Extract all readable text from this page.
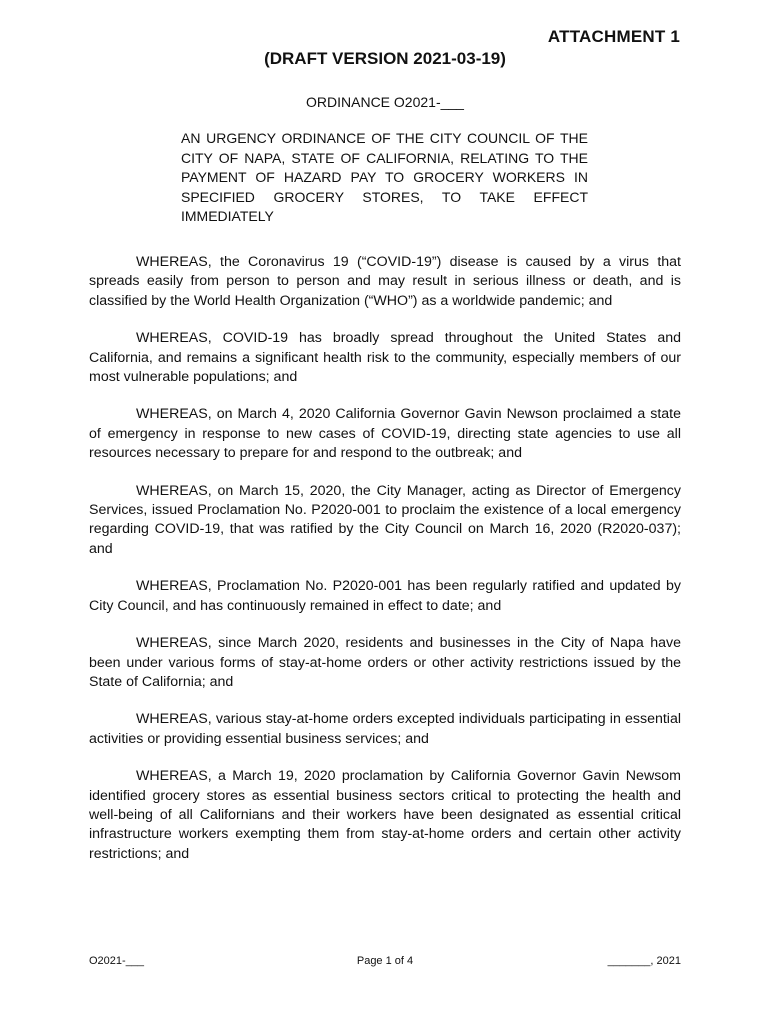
ATTACHMENT 1
(DRAFT VERSION 2021-03-19)
ORDINANCE O2021-___
AN URGENCY ORDINANCE OF THE CITY COUNCIL OF THE CITY OF NAPA, STATE OF CALIFORNIA, RELATING TO THE PAYMENT OF HAZARD PAY TO GROCERY WORKERS IN SPECIFIED GROCERY STORES, TO TAKE EFFECT IMMEDIATELY

WHEREAS, the Coronavirus 19 (“COVID-19”) disease is caused by a virus that spreads easily from person to person and may result in serious illness or death, and is classified by the World Health Organization (“WHO”) as a worldwide pandemic; and

WHEREAS, COVID-19 has broadly spread throughout the United States and California, and remains a significant health risk to the community, especially members of our most vulnerable populations; and

WHEREAS, on March 4, 2020 California Governor Gavin Newson proclaimed a state of emergency in response to new cases of COVID-19, directing state agencies to use all resources necessary to prepare for and respond to the outbreak; and

WHEREAS, on March 15, 2020, the City Manager, acting as Director of Emergency Services, issued Proclamation No. P2020-001 to proclaim the existence of a local emergency regarding COVID-19, that was ratified by the City Council on March 16, 2020 (R2020-037); and

WHEREAS, Proclamation No. P2020-001 has been regularly ratified and updated by City Council, and has continuously remained in effect to date; and

WHEREAS, since March 2020, residents and businesses in the City of Napa have been under various forms of stay-at-home orders or other activity restrictions issued by the State of California; and

WHEREAS, various stay-at-home orders excepted individuals participating in essential activities or providing essential business services; and

WHEREAS, a March 19, 2020 proclamation by California Governor Gavin Newsom identified grocery stores as essential business sectors critical to protecting the health and well-being of all Californians and their workers have been designated as essential critical infrastructure workers exempting them from stay-at-home orders and certain other activity restrictions; and

O2021-___	Page 1 of 4	_______, 2021
